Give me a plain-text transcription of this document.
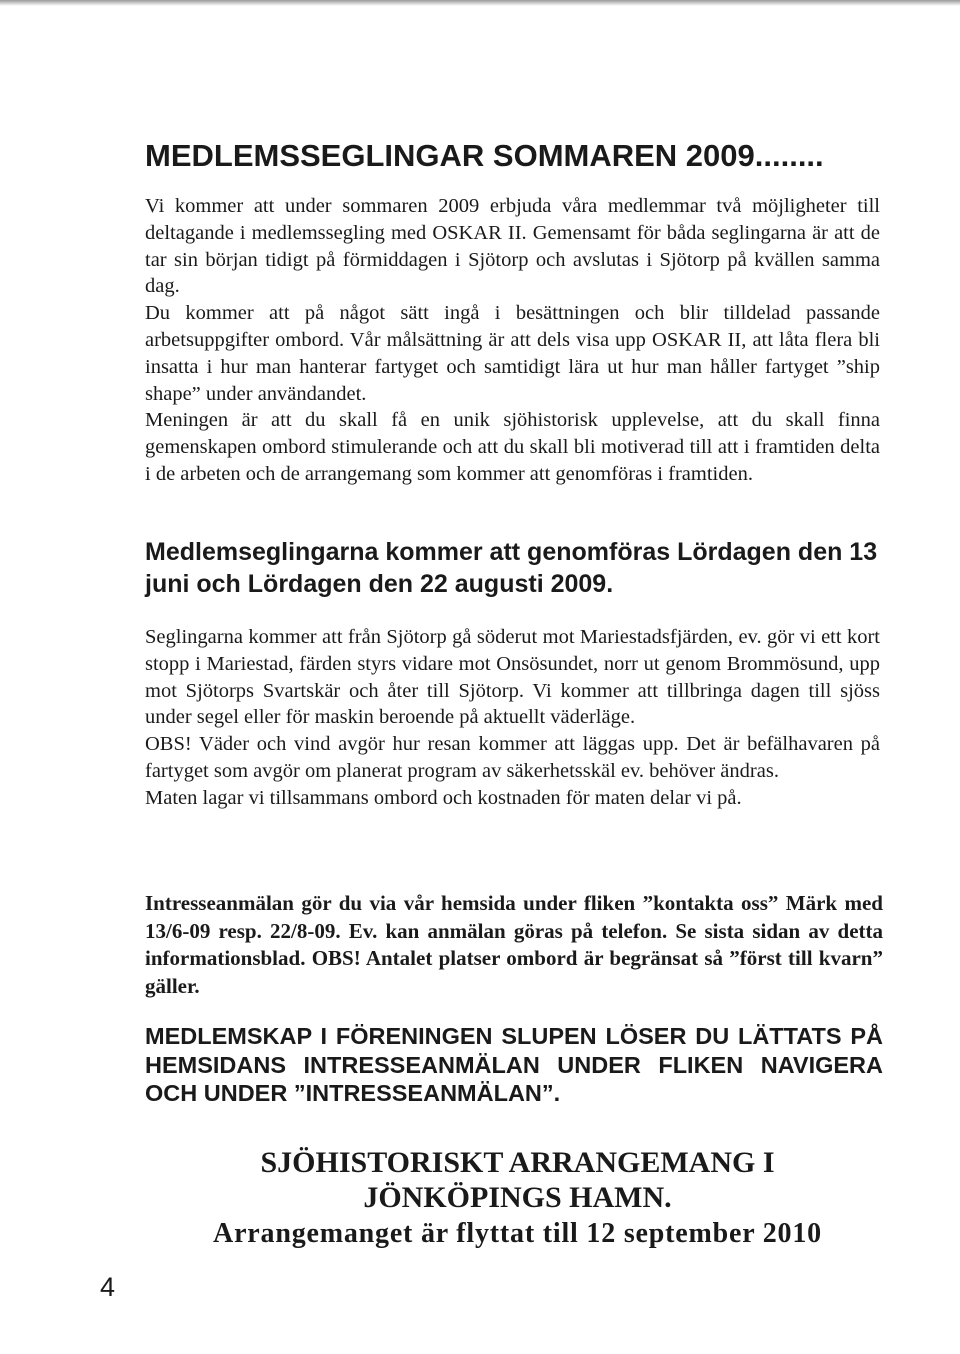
MEDLEMSSEGLINGAR SOMMAREN 2009........

Vi kommer att under sommaren 2009 erbjuda våra medlemmar två möjligheter till deltagande i medlemssegling med OSKAR II. Gemensamt för båda seglingarna är att de tar sin början tidigt på förmiddagen i Sjötorp och avslutas i Sjötorp på kvällen samma dag.

Du kommer att på något sätt ingå i besättningen och blir tilldelad passande arbetsuppgifter ombord. Vår målsättning är att dels visa upp OSKAR II, att låta flera bli insatta i hur man hanterar fartyget och samtidigt lära ut hur man håller fartyget ”ship shape” under användandet.

Meningen är att du skall få en unik sjöhistorisk upplevelse, att du skall finna gemenskapen ombord stimulerande och att du skall bli motiverad till att i framtiden delta i de arbeten och de arrangemang som kommer att genomföras i framtiden.

Medlemseglingarna kommer att genomföras Lördagen den 13 juni och Lördagen den 22 augusti 2009.

Seglingarna kommer att från Sjötorp gå söderut mot Mariestadsfjärden, ev. gör vi ett kort stopp i Mariestad, färden styrs vidare mot Onsösundet, norr ut genom Brommösund, upp mot Sjötorps Svartskär och åter till Sjötorp. Vi kommer att tillbringa dagen till sjöss under segel eller för maskin beroende på aktuellt väderläge.

OBS! Väder och vind avgör hur resan kommer att läggas upp. Det är befälhavaren på fartyget som avgör om planerat program av säkerhetsskäl ev. behöver ändras.

Maten lagar vi tillsammans ombord och kostnaden för maten delar vi på.

Intresseanmälan gör du via vår hemsida under fliken ”kontakta oss” Märk med 13/6-09 resp. 22/8-09. Ev. kan anmälan göras på telefon. Se sista sidan av detta informationsblad. OBS! Antalet platser ombord är begränsat så ”först till kvarn” gäller.

MEDLEMSKAP I FÖRENINGEN SLUPEN LÖSER DU LÄTTATS PÅ HEMSIDANS INTRESSEANMÄLAN UNDER FLIKEN NAVIGERA OCH UNDER ”INTRESSEANMÄLAN”.

SJÖHISTORISKT ARRANGEMANG I
JÖNKÖPINGS HAMN.

Arrangemanget är flyttat till 12 september 2010

4
